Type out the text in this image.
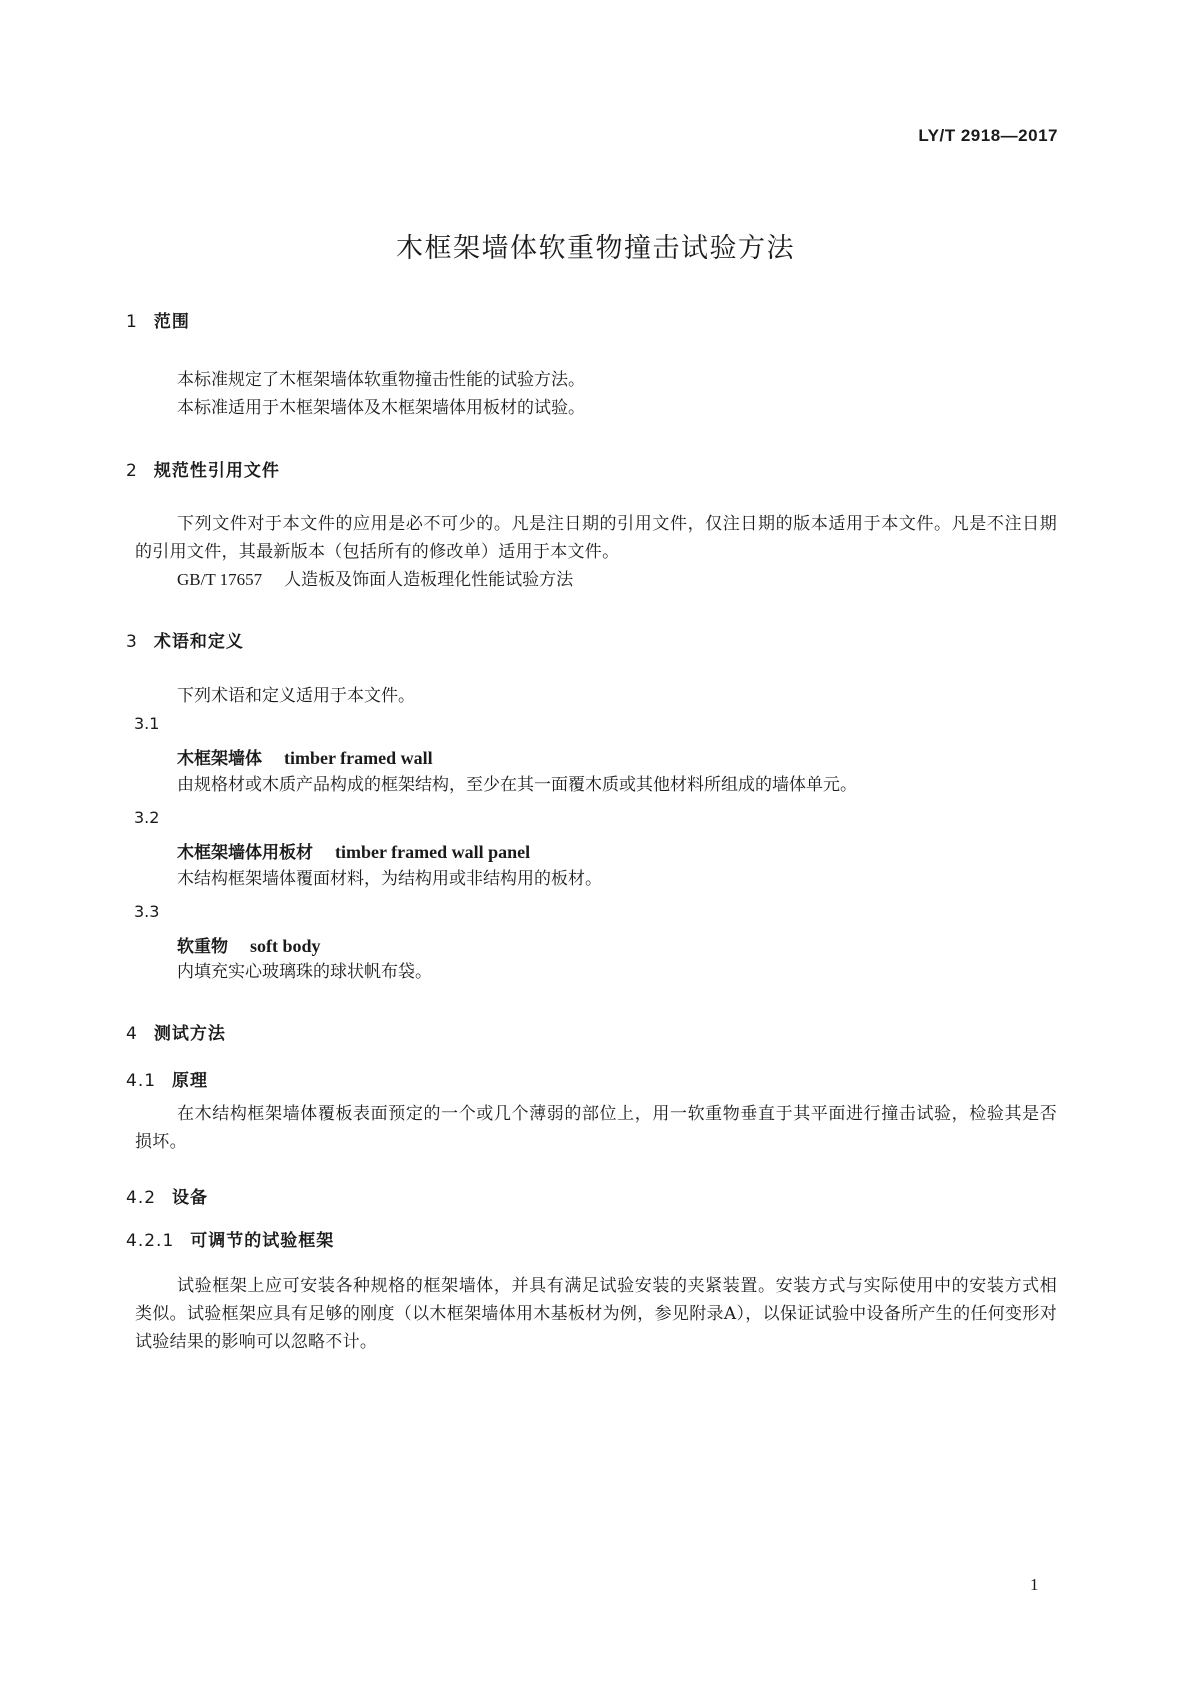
LY/T 2918—2017
木框架墙体软重物撞击试验方法
1 范围
本标准规定了木框架墙体软重物撞击性能的试验方法。
本标准适用于木框架墙体及木框架墙体用板材的试验。
2 规范性引用文件
下列文件对于本文件的应用是必不可少的。凡是注日期的引用文件，仅注日期的版本适用于本文件。凡是不注日期的引用文件，其最新版本（包括所有的修改单）适用于本文件。
GB/T 17657 人造板及饰面人造板理化性能试验方法
3 术语和定义
下列术语和定义适用于本文件。
3.1
木框架墙体 timber framed wall
由规格材或木质产品构成的框架结构，至少在其一面覆木质或其他材料所组成的墙体单元。
3.2
木框架墙体用板材 timber framed wall panel
木结构框架墙体覆面材料，为结构用或非结构用的板材。
3.3
软重物 soft body
内填充实心玻璃珠的球状帆布袋。
4 测试方法
4.1 原理
在木结构框架墙体覆板表面预定的一个或几个薄弱的部位上，用一软重物垂直于其平面进行撞击试验，检验其是否损坏。
4.2 设备
4.2.1 可调节的试验框架
试验框架上应可安装各种规格的框架墙体，并具有满足试验安装的夹紧装置。安装方式与实际使用中的安装方式相类似。试验框架应具有足够的刚度（以木框架墙体用木基板材为例，参见附录A），以保证试验中设备所产生的任何变形对试验结果的影响可以忽略不计。
1
